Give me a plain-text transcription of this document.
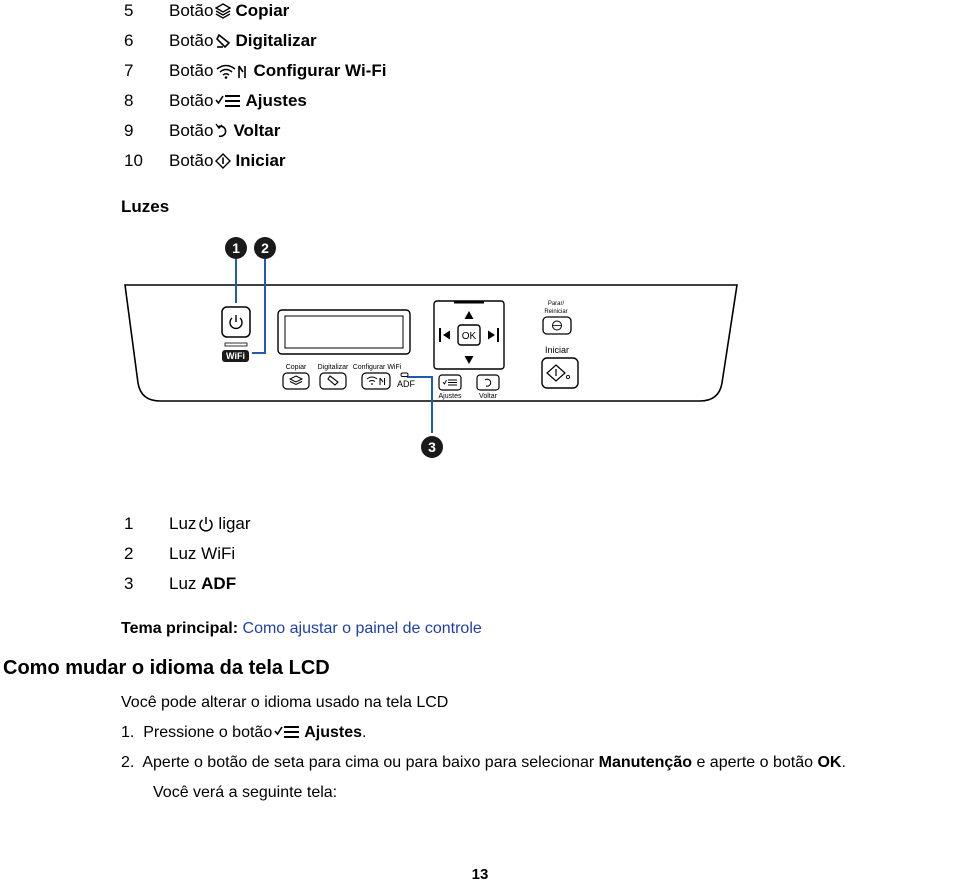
5 Botão Copiar
6 Botão Digitalizar
7 Botão Configurar Wi-Fi
8 Botão Ajustes
9 Botão Voltar
10 Botão Iniciar
Luzes
1 2
3
WiFi
Copiar Digitalizar Configurar WiFi
ADF
OK
Ajustes	Voltar
Parar/
Reiniciar
Iniciar
1 Luz ligar
2 Luz WiFi
3 Luz ADF
Tema principal: Como ajustar o painel de controle
Como mudar o idioma da tela LCD
Você pode alterar o idioma usado na tela LCD
1. Pressione o botão Ajustes.
2. Aperte o botão de seta para cima ou para baixo para selecionar Manutenção e aperte o botão OK.
Você verá a seguinte tela:
13
